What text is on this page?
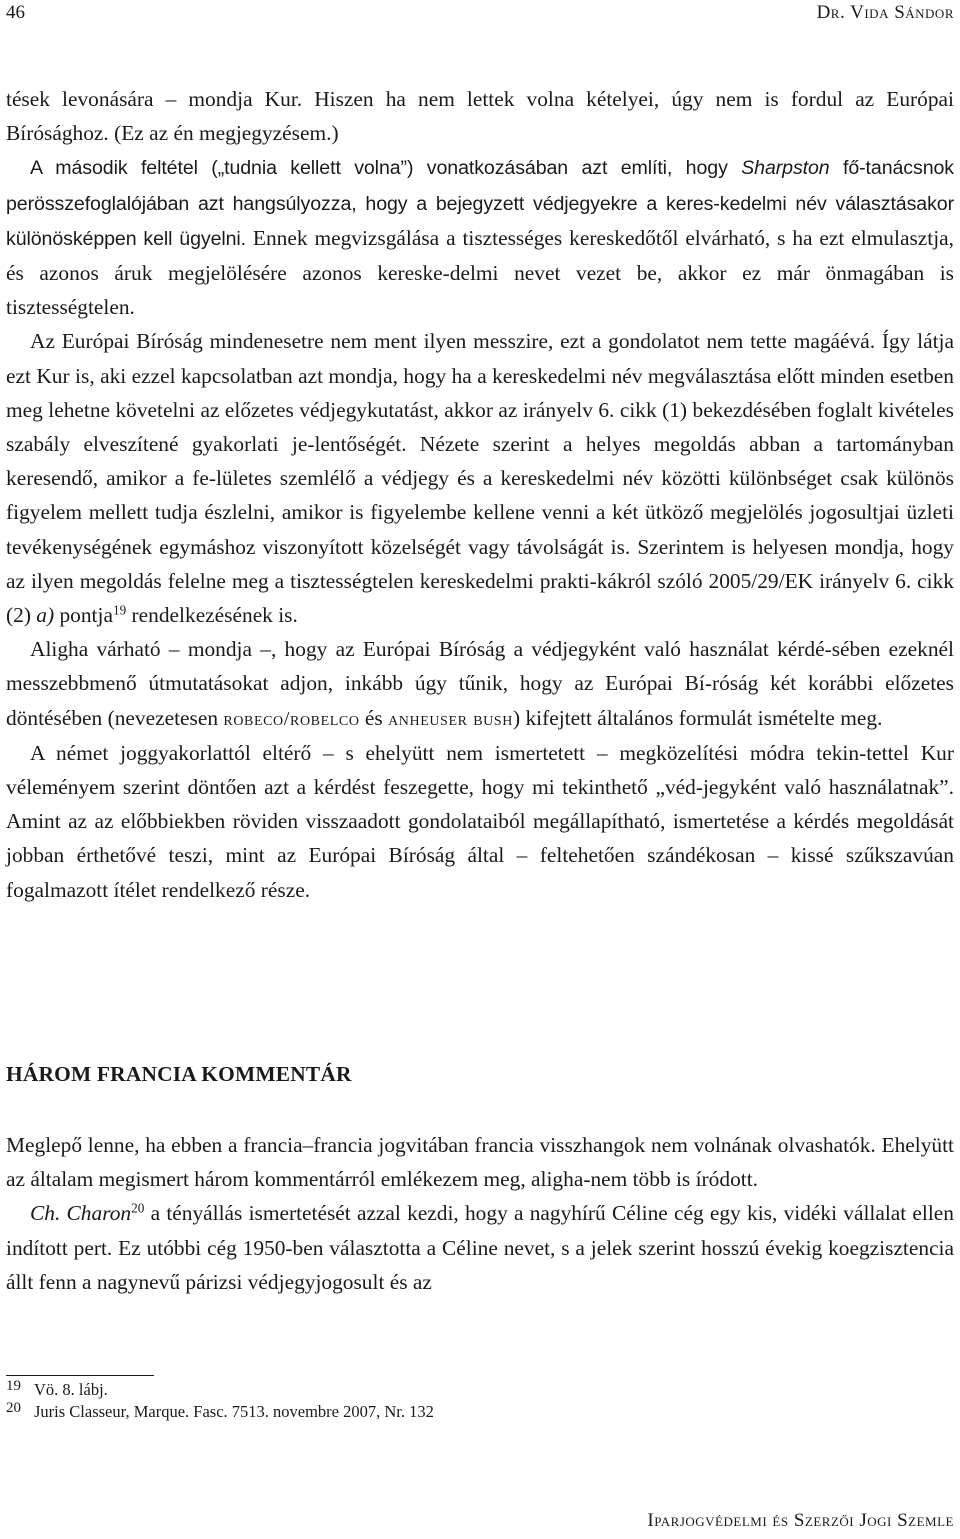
46	Dr. Vida Sándor

tések levonására – mondja Kur. Hiszen ha nem lettek volna kételyei, úgy nem is fordul az Európai Bírósághoz. (Ez az én megjegyzésem.)

A második feltétel („tudnia kellett volna”) vonatkozásában azt említi, hogy Sharpston fő-tanácsnok perösszefoglalójában azt hangsúlyozza, hogy a bejegyzett védjegyekre a keres-kedelmi név választásakor különösképpen kell ügyelni. Ennek megvizsgálása a tisztességes kereskedőtől elvárható, s ha ezt elmulasztja, és azonos áruk megjelölésére azonos kereske-delmi nevet vezet be, akkor ez már önmagában is tisztességtelen.

Az Európai Bíróság mindenesetre nem ment ilyen messzire, ezt a gondolatot nem tette magáévá. Így látja ezt Kur is, aki ezzel kapcsolatban azt mondja, hogy ha a kereskedelmi név megválasztása előtt minden esetben meg lehetne követelni az előzetes védjegykutatást, akkor az irányelv 6. cikk (1) bekezdésében foglalt kivételes szabály elveszítené gyakorlati je-lentőségét. Nézete szerint a helyes megoldás abban a tartományban keresendő, amikor a fe-lületes szemlélő a védjegy és a kereskedelmi név közötti különbséget csak különös figyelem mellett tudja észlelni, amikor is figyelembe kellene venni a két ütköző megjelölés jogosultjai üzleti tevékenységének egymáshoz viszonyított közelségét vagy távolságát is. Szerintem is helyesen mondja, hogy az ilyen megoldás felelne meg a tisztességtelen kereskedelmi prakti-kákról szóló 2005/29/EK irányelv 6. cikk (2) a) pontja$^{19}$ rendelkezésének is.

Aligha várható – mondja –, hogy az Európai Bíróság a védjegyként való használat kérdé-sében ezeknél messzebbmenő útmutatásokat adjon, inkább úgy tűnik, hogy az Európai Bí-róság két korábbi előzetes döntésében (nevezetesen robeco/robelco és anheuser bush) kifejtett általános formulát ismételte meg.

A német joggyakorlattól eltérő – s ehelyütt nem ismertetett – megközelítési módra tekin-tettel Kur véleményem szerint döntően azt a kérdést feszegette, hogy mi tekinthető „véd-jegyként való használatnak”. Amint az az előbbiekben röviden visszaadott gondolataiból megállapítható, ismertetése a kérdés megoldását jobban érthetővé teszi, mint az Európai Bíróság által – feltehetően szándékosan – kissé szűkszavúan fogalmazott ítélet rendelkező része.

HÁROM FRANCIA KOMMENTÁR

Meglepő lenne, ha ebben a francia–francia jogvitában francia visszhangok nem volnának olvashatók. Ehelyütt az általam megismert három kommentárról emlékezem meg, aligha-nem több is íródott.

Ch. Charon$^{20}$ a tényállás ismertetését azzal kezdi, hogy a nagyhírű Céline cég egy kis, vidéki vállalat ellen indított pert. Ez utóbbi cég 1950-ben választotta a Céline nevet, s a jelek szerint hosszú évekig koegzisztencia állt fenn a nagynevű párizsi védjegyjogosult és az

19 Vö. 8. lábj.
20 Juris Classeur, Marque. Fasc. 7513. novembre 2007, Nr. 132
Iparjogvédelmi és Szerzői Jogi Szemle
